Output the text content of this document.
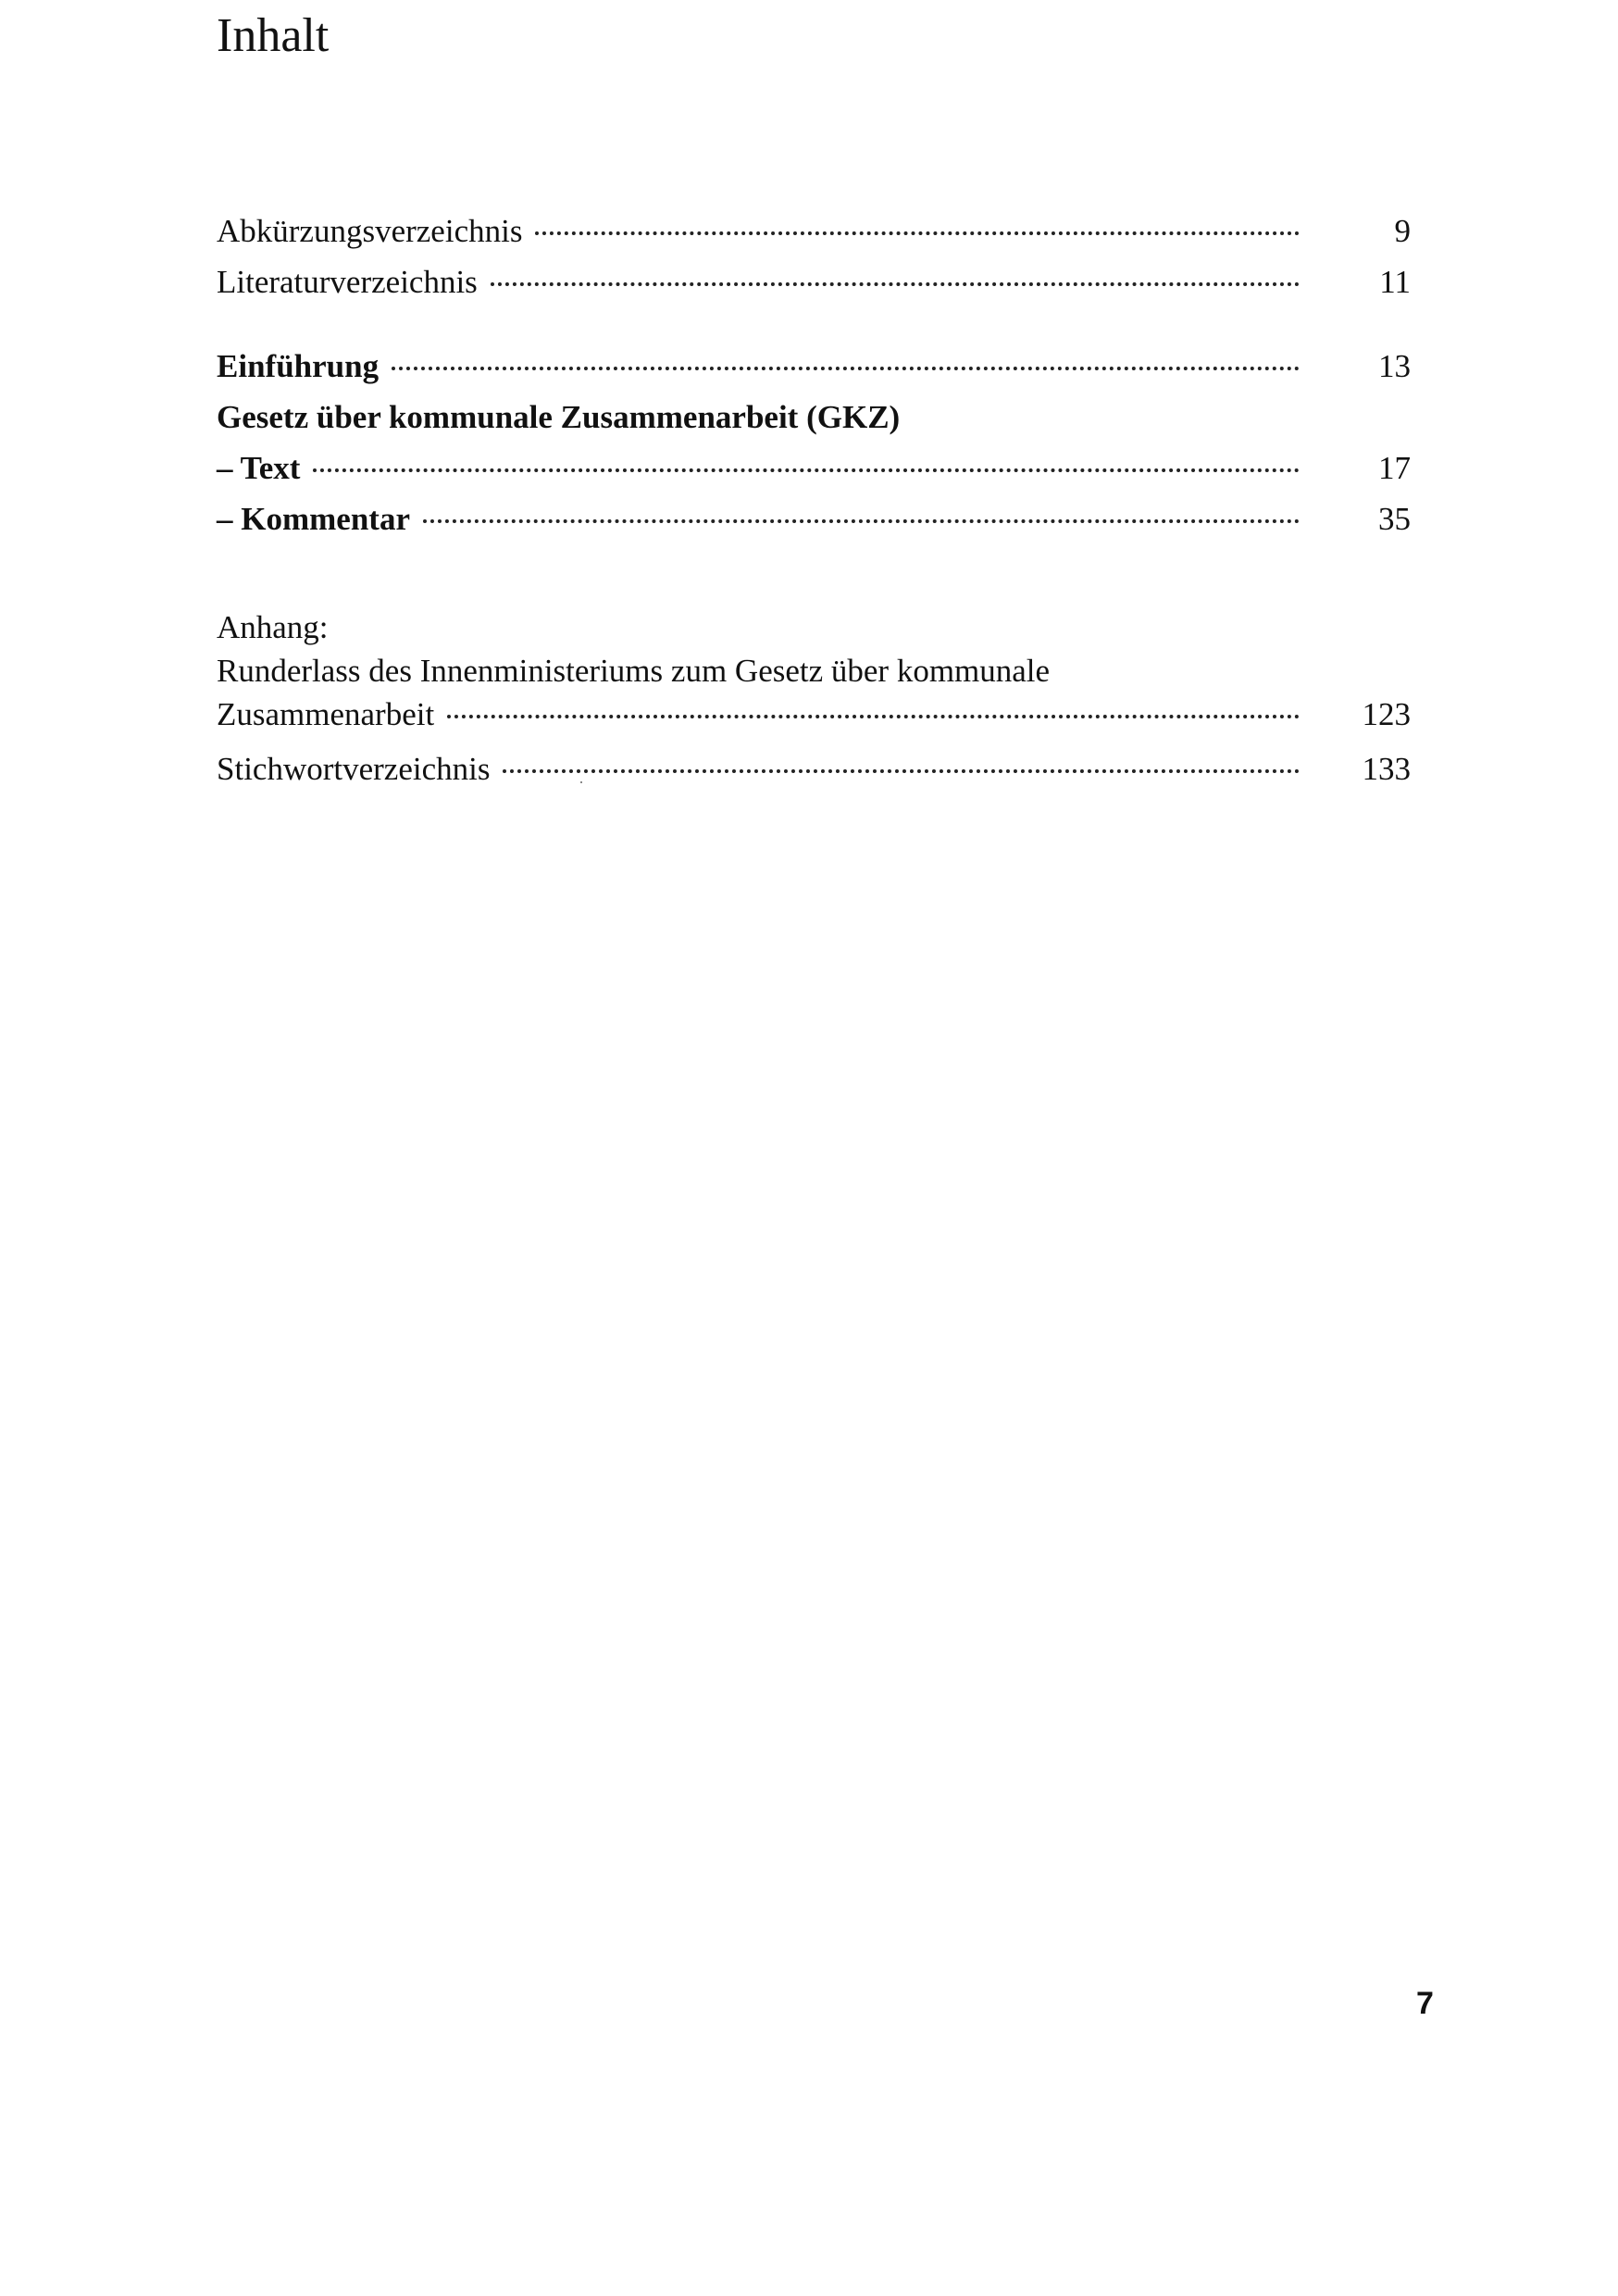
Inhalt
Abkürzungsverzeichnis	9
Literaturverzeichnis	11
Einführung	13
Gesetz über kommunale Zusammenarbeit (GKZ)
– Text	17
– Kommentar	35
Anhang:
Runderlass des Innenministeriums zum Gesetz über kommunale
Zusammenarbeit	123
Stichwortverzeichnis	133
7
